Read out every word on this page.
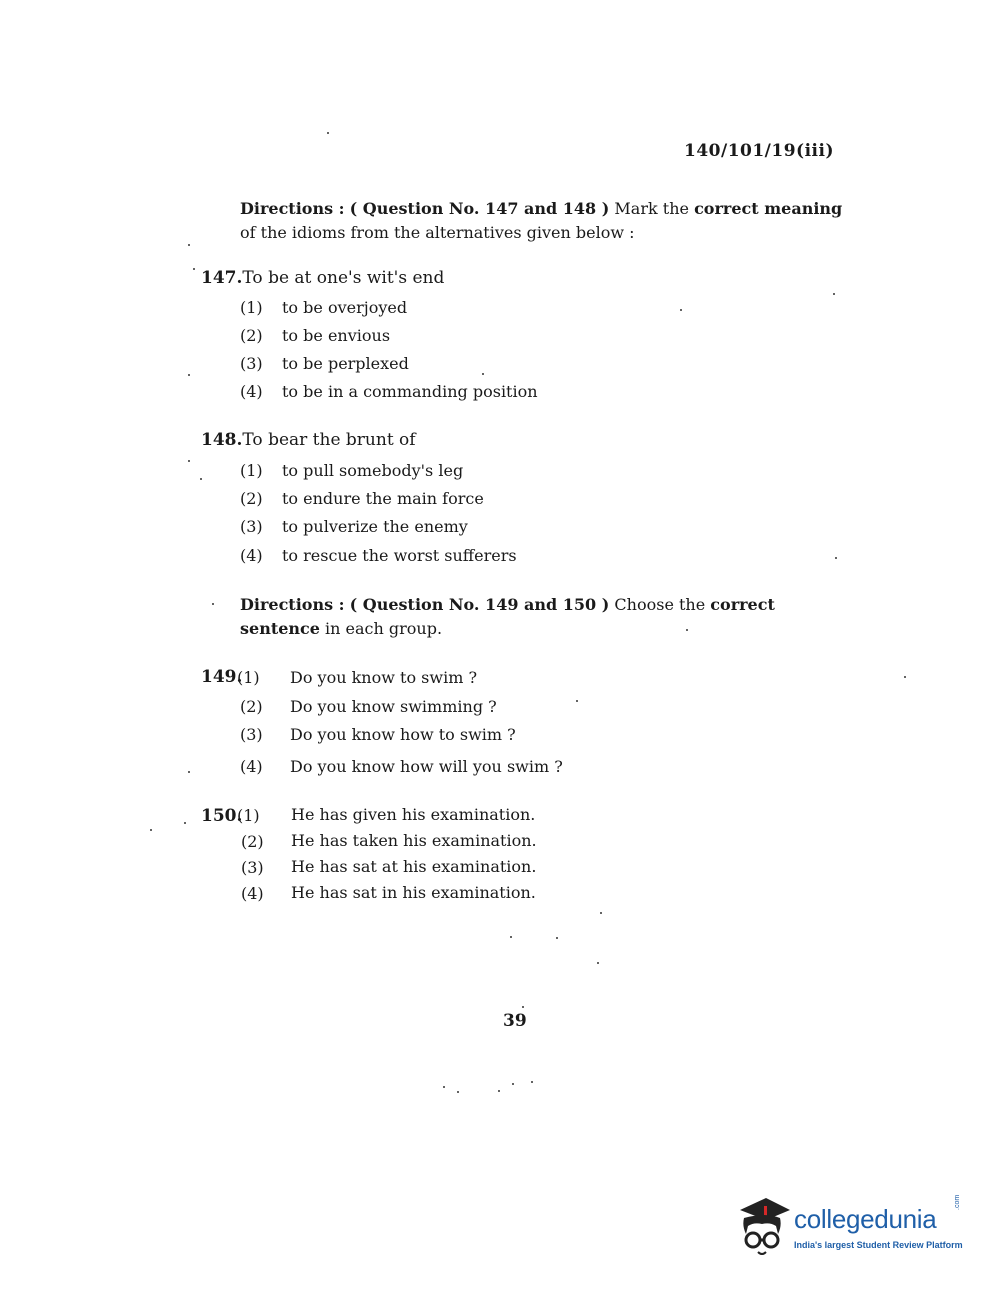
140/101/19(iii)
Directions : ( Question No. 147 and 148 ) Mark the correct meaning
of the idioms from the alternatives given below :
147.To be at one's wit's end
(1) to be overjoyed
(2) to be envious
(3) to be perplexed
(4) to be in a commanding position
148.To bear the brunt of
(1) to pull somebody's leg
(2) to endure the main force
(3) to pulverize the enemy
(4) to rescue the worst sufferers
Directions : ( Question No. 149 and 150 ) Choose the correct
sentence in each group.
149.
(1) Do you know to swim ?
(2) Do you know swimming ?
(3) Do you know how to swim ?
(4) Do you know how will you swim ?
150.
(1) He has given his examination.
(2) He has taken his examination.
(3) He has sat at his examination.
(4) He has sat in his examination.
39
collegedunia
.com
India's largest Student Review Platform
